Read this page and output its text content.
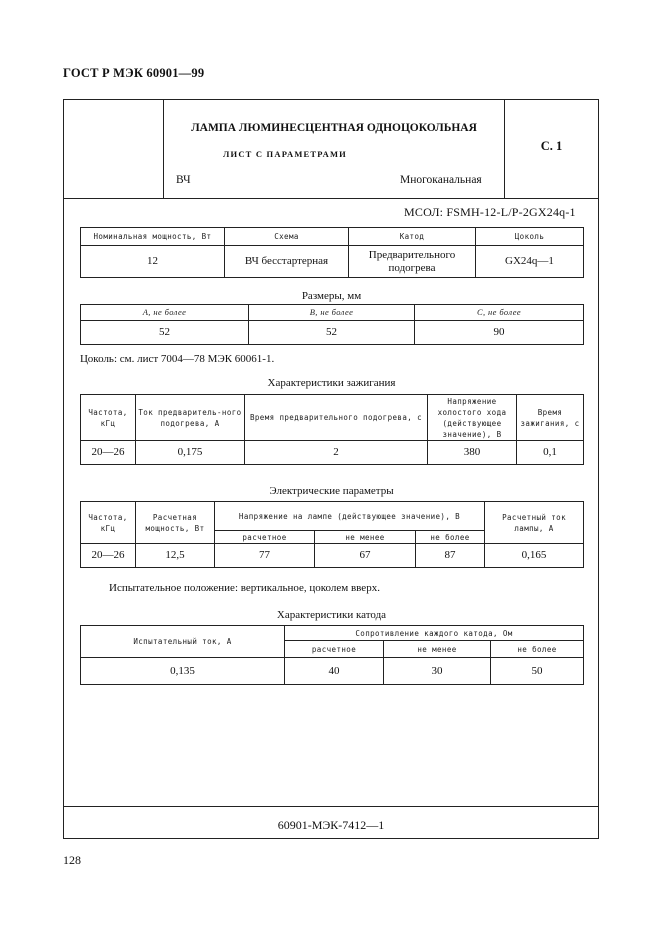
ГОСТ Р МЭК 60901—99
ЛАМПА ЛЮМИНЕСЦЕНТНАЯ ОДНОЦОКОЛЬНАЯ
ЛИСТ С ПАРАМЕТРАМИ
ВЧ	Многоканальная
С. 1
МСОЛ: FSMH-12-L/P-2GX24q-1
Номинальная мощность, Вт	Схема	Катод	Цоколь
12	ВЧ бесстартерная	Предварительного подогрева	GX24q—1
Размеры, мм
A, не более	B, не более	C, не более
52	52	90
Цоколь: см. лист 7004—78 МЭК 60061-1.
Характеристики зажигания
Частота, кГц	Ток предваритель-ного подогрева, А	Время предварительного подогрева, с	Напряжение холостого хода (действующее значение), В	Время зажигания, с
20—26	0,175	2	380	0,1
Электрические параметры
Частота, кГц	Расчетная мощность, Вт	Напряжение на лампе (действующее значение), В			Расчетный ток лампы, А
		расчетное	не менее	не более	
20—26	12,5	77	67	87	0,165
Испытательное положение: вертикальное, цоколем вверх.
Характеристики катода
Испытательный ток, А	Сопротивление каждого катода, Ом		
	расчетное	не менее	не более
0,135	40	30	50
60901-МЭК-7412—1
128
